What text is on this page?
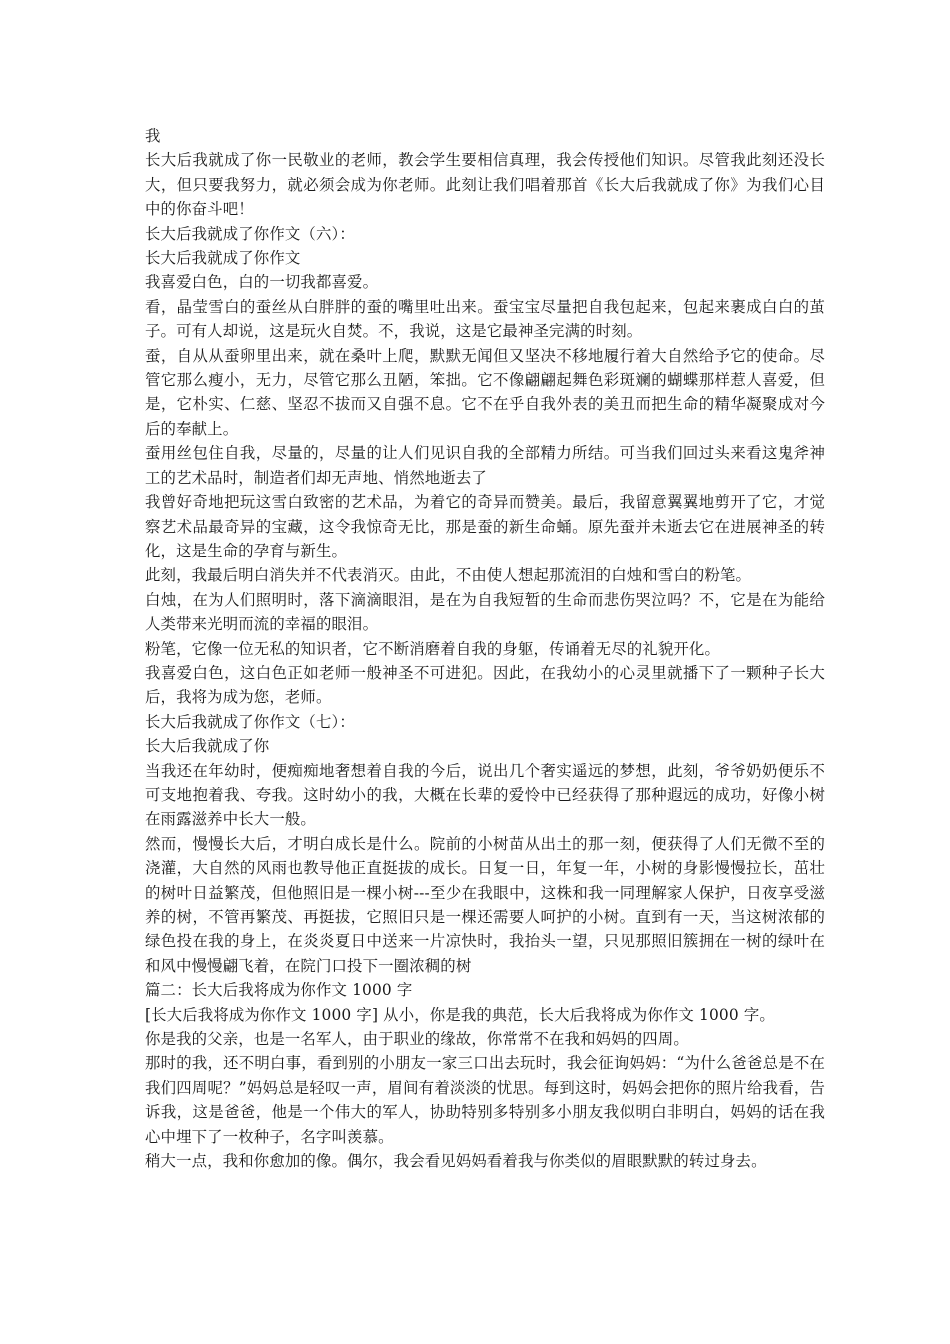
我

长大后我就成了你一民敬业的老师，教会学生要相信真理，我会传授他们知识。尽管我此刻还没长大，但只要我努力，就必须会成为你老师。此刻让我们唱着那首《长大后我就成了你》为我们心目中的你奋斗吧！

长大后我就成了你作文（六）：

长大后我就成了你作文

我喜爱白色，白的一切我都喜爱。

看，晶莹雪白的蚕丝从白胖胖的蚕的嘴里吐出来。蚕宝宝尽量把自我包起来，包起来裹成白白的茧子。可有人却说，这是玩火自焚。不，我说，这是它最神圣完满的时刻。

蚕，自从从蚕卵里出来，就在桑叶上爬，默默无闻但又坚决不移地履行着大自然给予它的使命。尽管它那么瘦小，无力，尽管它那么丑陋，笨拙。它不像翩翩起舞色彩斑斓的蝴蝶那样惹人喜爱，但是，它朴实、仁慈、坚忍不拔而又自强不息。它不在乎自我外表的美丑而把生命的精华凝聚成对今后的奉献上。

蚕用丝包住自我，尽量的，尽量的让人们见识自我的全部精力所结。可当我们回过头来看这鬼斧神工的艺术品时，制造者们却无声地、悄然地逝去了

我曾好奇地把玩这雪白致密的艺术品，为着它的奇异而赞美。最后，我留意翼翼地剪开了它，才觉察艺术品最奇异的宝藏，这令我惊奇无比，那是蚕的新生命蛹。原先蚕并未逝去它在进展神圣的转化，这是生命的孕育与新生。

此刻，我最后明白消失并不代表消灭。由此，不由使人想起那流泪的白烛和雪白的粉笔。

白烛，在为人们照明时，落下滴滴眼泪，是在为自我短暂的生命而悲伤哭泣吗？不，它是在为能给人类带来光明而流的幸福的眼泪。

粉笔，它像一位无私的知识者，它不断消磨着自我的身躯，传诵着无尽的礼貌开化。

我喜爱白色，这白色正如老师一般神圣不可进犯。因此，在我幼小的心灵里就播下了一颗种子长大后，我将为成为您，老师。

长大后我就成了你作文（七）：

长大后我就成了你

当我还在年幼时，便痴痴地奢想着自我的今后，说出几个奢实遥远的梦想，此刻，爷爷奶奶便乐不可支地抱着我、夸我。这时幼小的我，大概在长辈的爱怜中已经获得了那种遐远的成功，好像小树在雨露滋养中长大一般。

然而，慢慢长大后，才明白成长是什么。院前的小树苗从出土的那一刻，便获得了人们无微不至的浇灌，大自然的风雨也教导他正直挺拔的成长。日复一日，年复一年，小树的身影慢慢拉长，茁壮的树叶日益繁茂，但他照旧是一棵小树---至少在我眼中，这株和我一同理解家人保护，日夜享受滋养的树，不管再繁茂、再挺拔，它照旧只是一棵还需要人呵护的小树。直到有一天，当这树浓郁的绿色投在我的身上，在炎炎夏日中送来一片凉快时，我抬头一望，只见那照旧簇拥在一树的绿叶在和风中慢慢翩飞着，在院门口投下一圈浓稠的树

篇二：长大后我将成为你作文 1000 字

[长大后我将成为你作文 1000 字] 从小，你是我的典范，长大后我将成为你作文 1000 字。

你是我的父亲，也是一名军人，由于职业的缘故，你常常不在我和妈妈的四周。

那时的我，还不明白事，看到别的小朋友一家三口出去玩时，我会征询妈妈：“为什么爸爸总是不在我们四周呢？”妈妈总是轻叹一声，眉间有着淡淡的忧思。每到这时，妈妈会把你的照片给我看，告诉我，这是爸爸，他是一个伟大的军人，协助特别多特别多小朋友我似明白非明白，妈妈的话在我心中埋下了一枚种子，名字叫羡慕。

稍大一点，我和你愈加的像。偶尔，我会看见妈妈看着我与你类似的眉眼默默的转过身去。
